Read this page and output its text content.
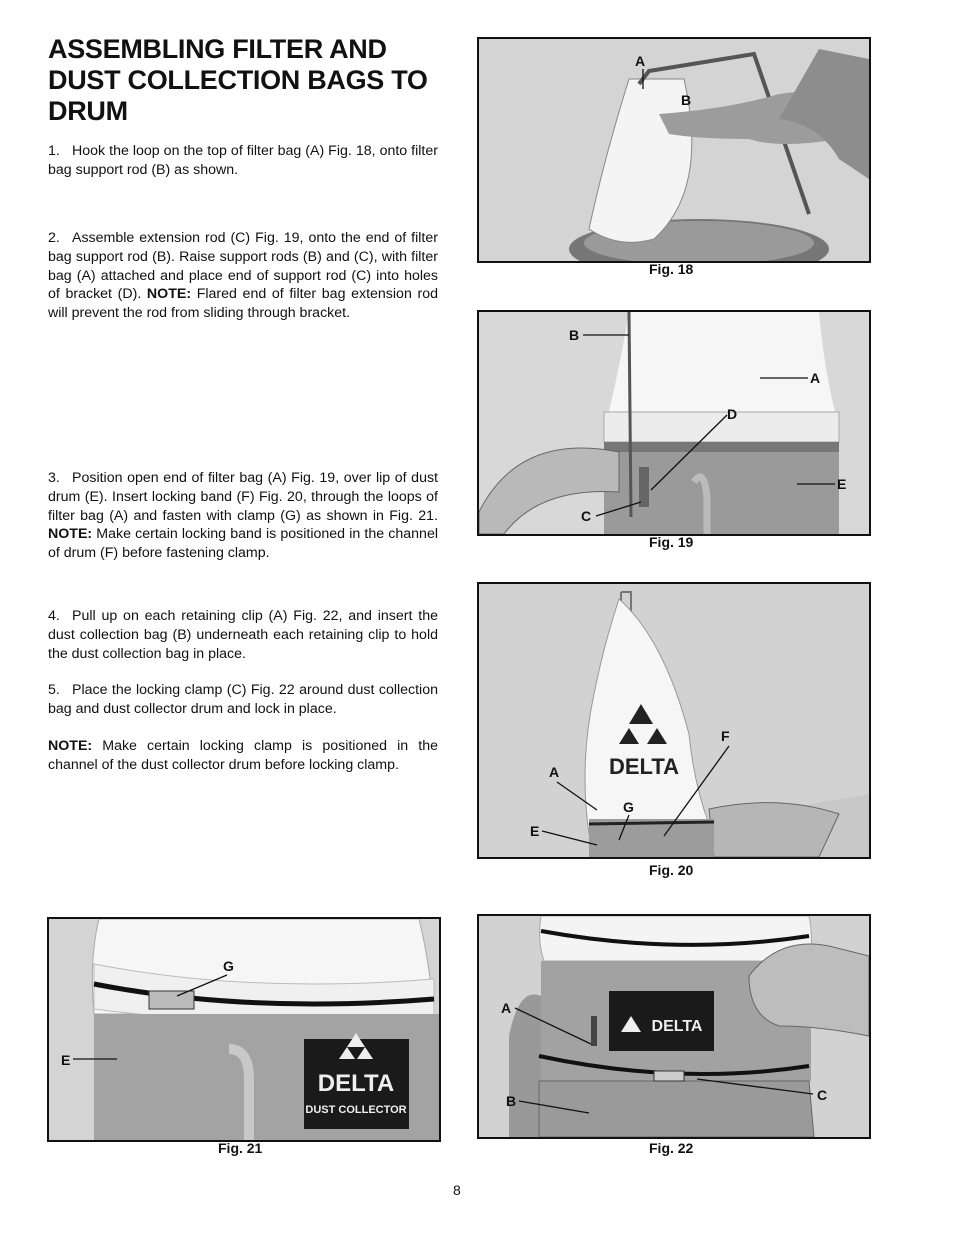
ASSEMBLING FILTER AND DUST COLLECTION BAGS TO DRUM

1. Hook the loop on the top of filter bag (A) Fig. 18, onto filter bag support rod (B) as shown.

2. Assemble extension rod (C) Fig. 19, onto the end of filter bag support rod (B). Raise support rods (B) and (C), with filter bag (A) attached and place end of support rod (C) into holes of bracket (D). NOTE: Flared end of filter bag extension rod will prevent the rod from sliding through bracket.

3. Position open end of filter bag (A) Fig. 19, over lip of dust drum (E). Insert locking band (F) Fig. 20, through the loops of filter bag (A) and fasten with clamp (G) as shown in Fig. 21. NOTE: Make certain locking band is positioned in the channel of drum (F) before fastening clamp.

4. Pull up on each retaining clip (A) Fig. 22, and insert the dust collection bag (B) underneath each retaining clip to hold the dust collection bag in place.

5. Place the locking clamp (C) Fig. 22 around dust collection bag and dust collector drum and lock in place.

NOTE: Make certain locking clamp is positioned in the channel of the dust collector drum before locking clamp.

A
B
Fig. 18
B
A
D
E
C
Fig. 19
DELTA
F
A
G
E
Fig. 20
DELTA
DUST COLLECTOR
G
E
Fig. 21
DELTA
A
B	C
Fig. 22
8
